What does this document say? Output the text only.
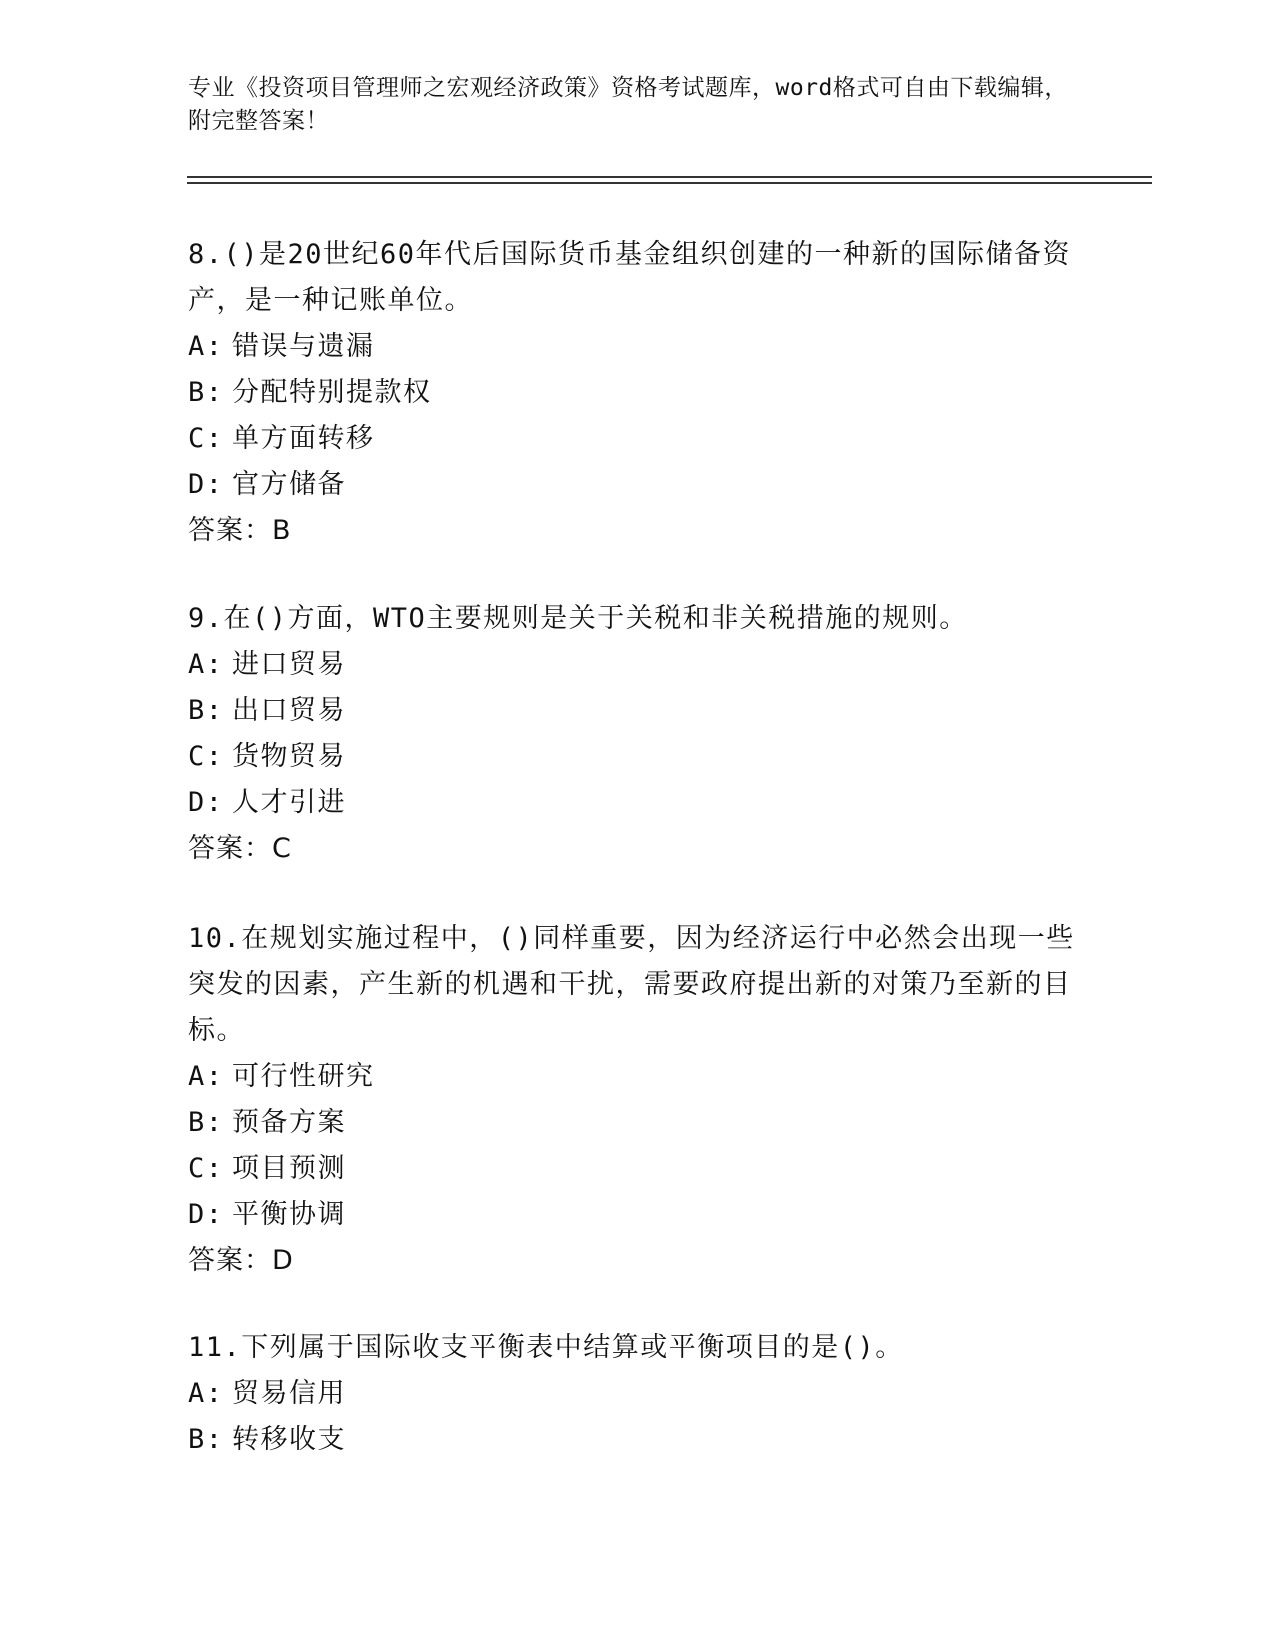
专业《投资项目管理师之宏观经济政策》资格考试题库，word格式可自由下载编辑，附完整答案！

8.()是20世纪60年代后国际货币基金组织创建的一种新的国际储备资产，是一种记账单位。

A: 错误与遗漏

B: 分配特别提款权

C: 单方面转移

D: 官方储备

答案：B

9.在()方面，WTO主要规则是关于关税和非关税措施的规则。

A: 进口贸易

B: 出口贸易

C: 货物贸易

D: 人才引进

答案：C

10.在规划实施过程中，()同样重要，因为经济运行中必然会出现一些突发的因素，产生新的机遇和干扰，需要政府提出新的对策乃至新的目标。

A: 可行性研究

B: 预备方案

C: 项目预测

D: 平衡协调

答案：D

11.下列属于国际收支平衡表中结算或平衡项目的是()。

A: 贸易信用

B: 转移收支
